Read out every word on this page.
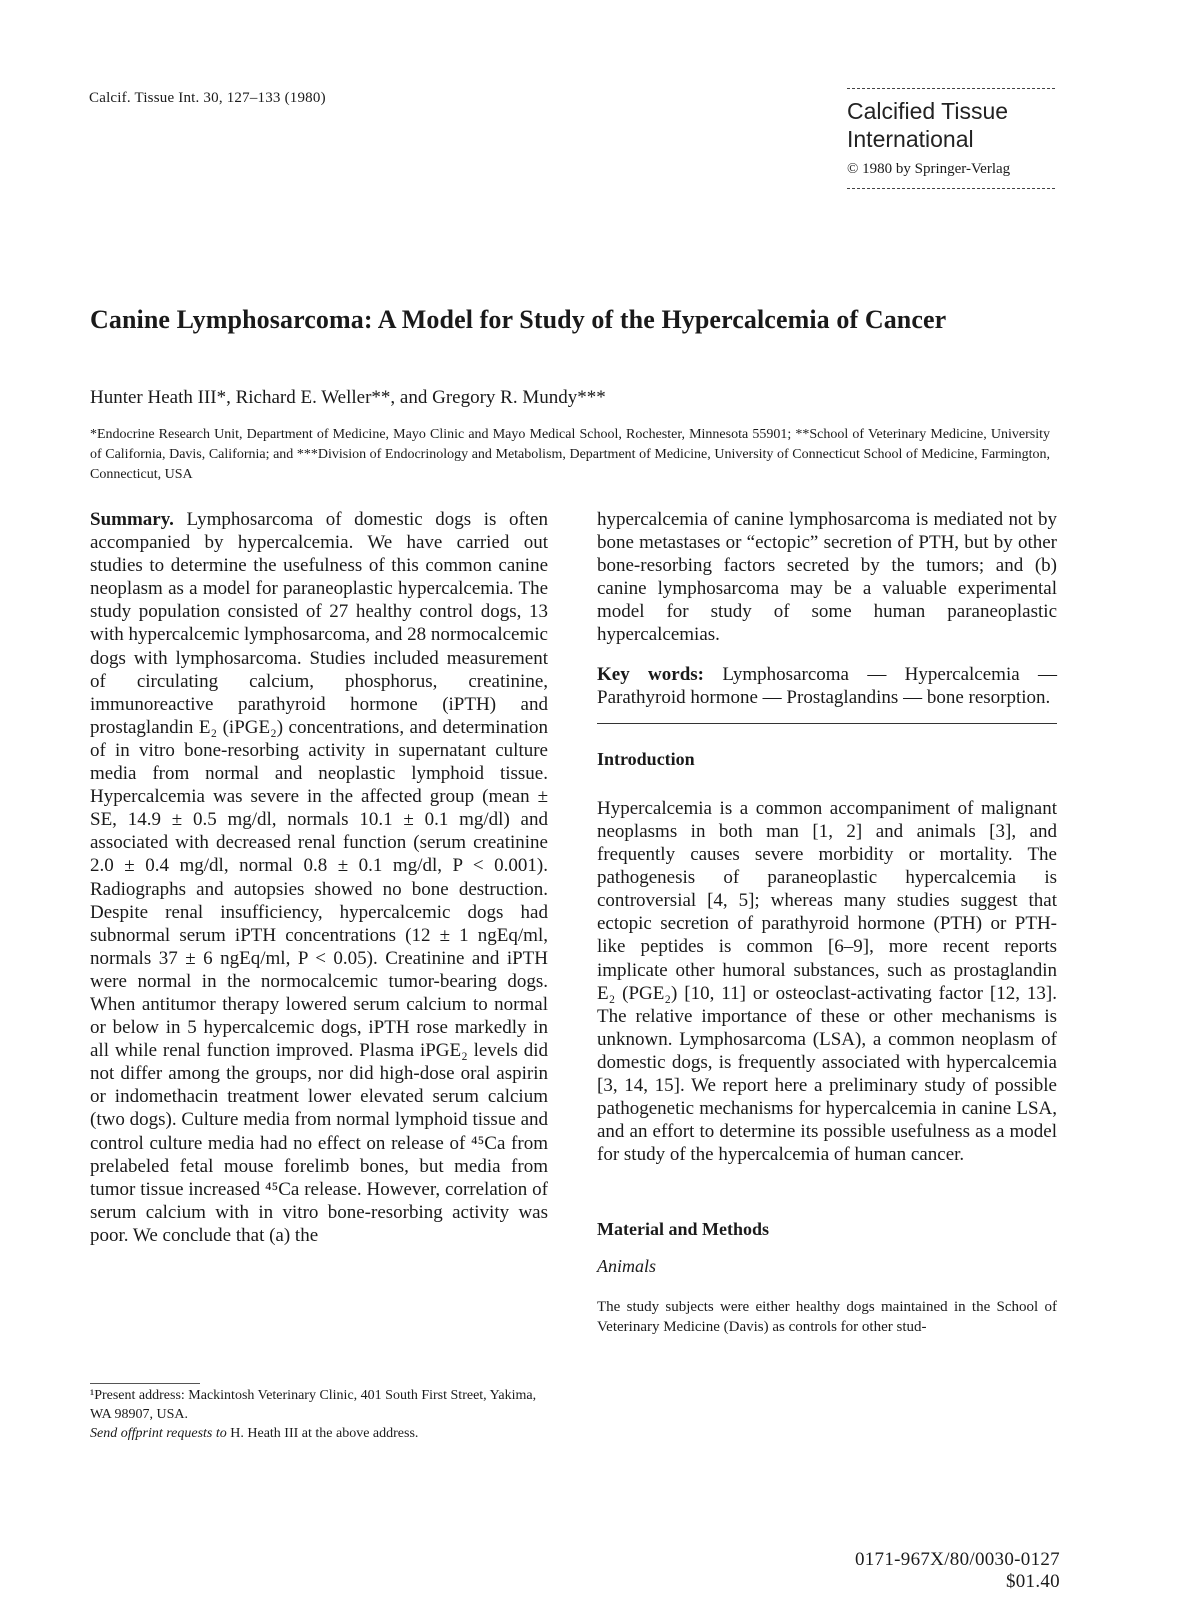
Calcif. Tissue Int. 30, 127–133 (1980)	Calcified Tissue
International
© 1980 by Springer-Verlag
Canine Lymphosarcoma: A Model for Study of the Hypercalcemia of Cancer
Hunter Heath III*, Richard E. Weller**, and Gregory R. Mundy***
*Endocrine Research Unit, Department of Medicine, Mayo Clinic and Mayo Medical School, Rochester, Minnesota 55901; **School of Veterinary Medicine, University of California, Davis, California; and ***Division of Endocrinology and Metabolism, Department of Medicine, University of Connecticut School of Medicine, Farmington, Connecticut, USA
Summary. Lymphosarcoma of domestic dogs is often accompanied by hypercalcemia. We have carried out studies to determine the usefulness of this common canine neoplasm as a model for paraneoplastic hypercalcemia. The study population consisted of 27 healthy control dogs, 13 with hypercalcemic lymphosarcoma, and 28 normocalcemic dogs with lymphosarcoma. Studies included measurement of circulating calcium, phosphorus, creatinine, immunoreactive parathyroid hormone (iPTH) and prostaglandin E₂ (iPGE₂) concentrations, and determination of in vitro bone-resorbing activity in supernatant culture media from normal and neoplastic lymphoid tissue. Hypercalcemia was severe in the affected group (mean ± SE, 14.9 ± 0.5 mg/dl, normals 10.1 ± 0.1 mg/dl) and associated with decreased renal function (serum creatinine 2.0 ± 0.4 mg/dl, normal 0.8 ± 0.1 mg/dl, P < 0.001). Radiographs and autopsies showed no bone destruction. Despite renal insufficiency, hypercalcemic dogs had subnormal serum iPTH concentrations (12 ± 1 ngEq/ml, normals 37 ± 6 ngEq/ml, P < 0.05). Creatinine and iPTH were normal in the normocalcemic tumor-bearing dogs. When antitumor therapy lowered serum calcium to normal or below in 5 hypercalcemic dogs, iPTH rose markedly in all while renal function improved. Plasma iPGE₂ levels did not differ among the groups, nor did high-dose oral aspirin or indomethacin treatment lower elevated serum calcium (two dogs). Culture media from normal lymphoid tissue and control culture media had no effect on release of ⁴⁵Ca from prelabeled fetal mouse forelimb bones, but media from tumor tissue increased ⁴⁵Ca release. However, correlation of serum calcium with in vitro bone-resorbing activity was poor. We conclude that (a) the
hypercalcemia of canine lymphosarcoma is mediated not by bone metastases or “ectopic” secretion of PTH, but by other bone-resorbing factors secreted by the tumors; and (b) canine lymphosarcoma may be a valuable experimental model for study of some human paraneoplastic hypercalcemias.
Key words: Lymphosarcoma — Hypercalcemia — Parathyroid hormone — Prostaglandins — bone resorption.
Introduction
Hypercalcemia is a common accompaniment of malignant neoplasms in both man [1, 2] and animals [3], and frequently causes severe morbidity or mortality. The pathogenesis of paraneoplastic hypercalcemia is controversial [4, 5]; whereas many studies suggest that ectopic secretion of parathyroid hormone (PTH) or PTH-like peptides is common [6–9], more recent reports implicate other humoral substances, such as prostaglandin E₂ (PGE₂) [10, 11] or osteoclast-activating factor [12, 13]. The relative importance of these or other mechanisms is unknown. Lymphosarcoma (LSA), a common neoplasm of domestic dogs, is frequently associated with hypercalcemia [3, 14, 15]. We report here a preliminary study of possible pathogenetic mechanisms for hypercalcemia in canine LSA, and an effort to determine its possible usefulness as a model for study of the hypercalcemia of human cancer.
Material and Methods
Animals
The study subjects were either healthy dogs maintained in the School of Veterinary Medicine (Davis) as controls for other stud-
¹Present address: Mackintosh Veterinary Clinic, 401 South First Street, Yakima, WA 98907, USA.
Send offprint requests to H. Heath III at the above address.
0171-967X/80/0030-0127 $01.40
